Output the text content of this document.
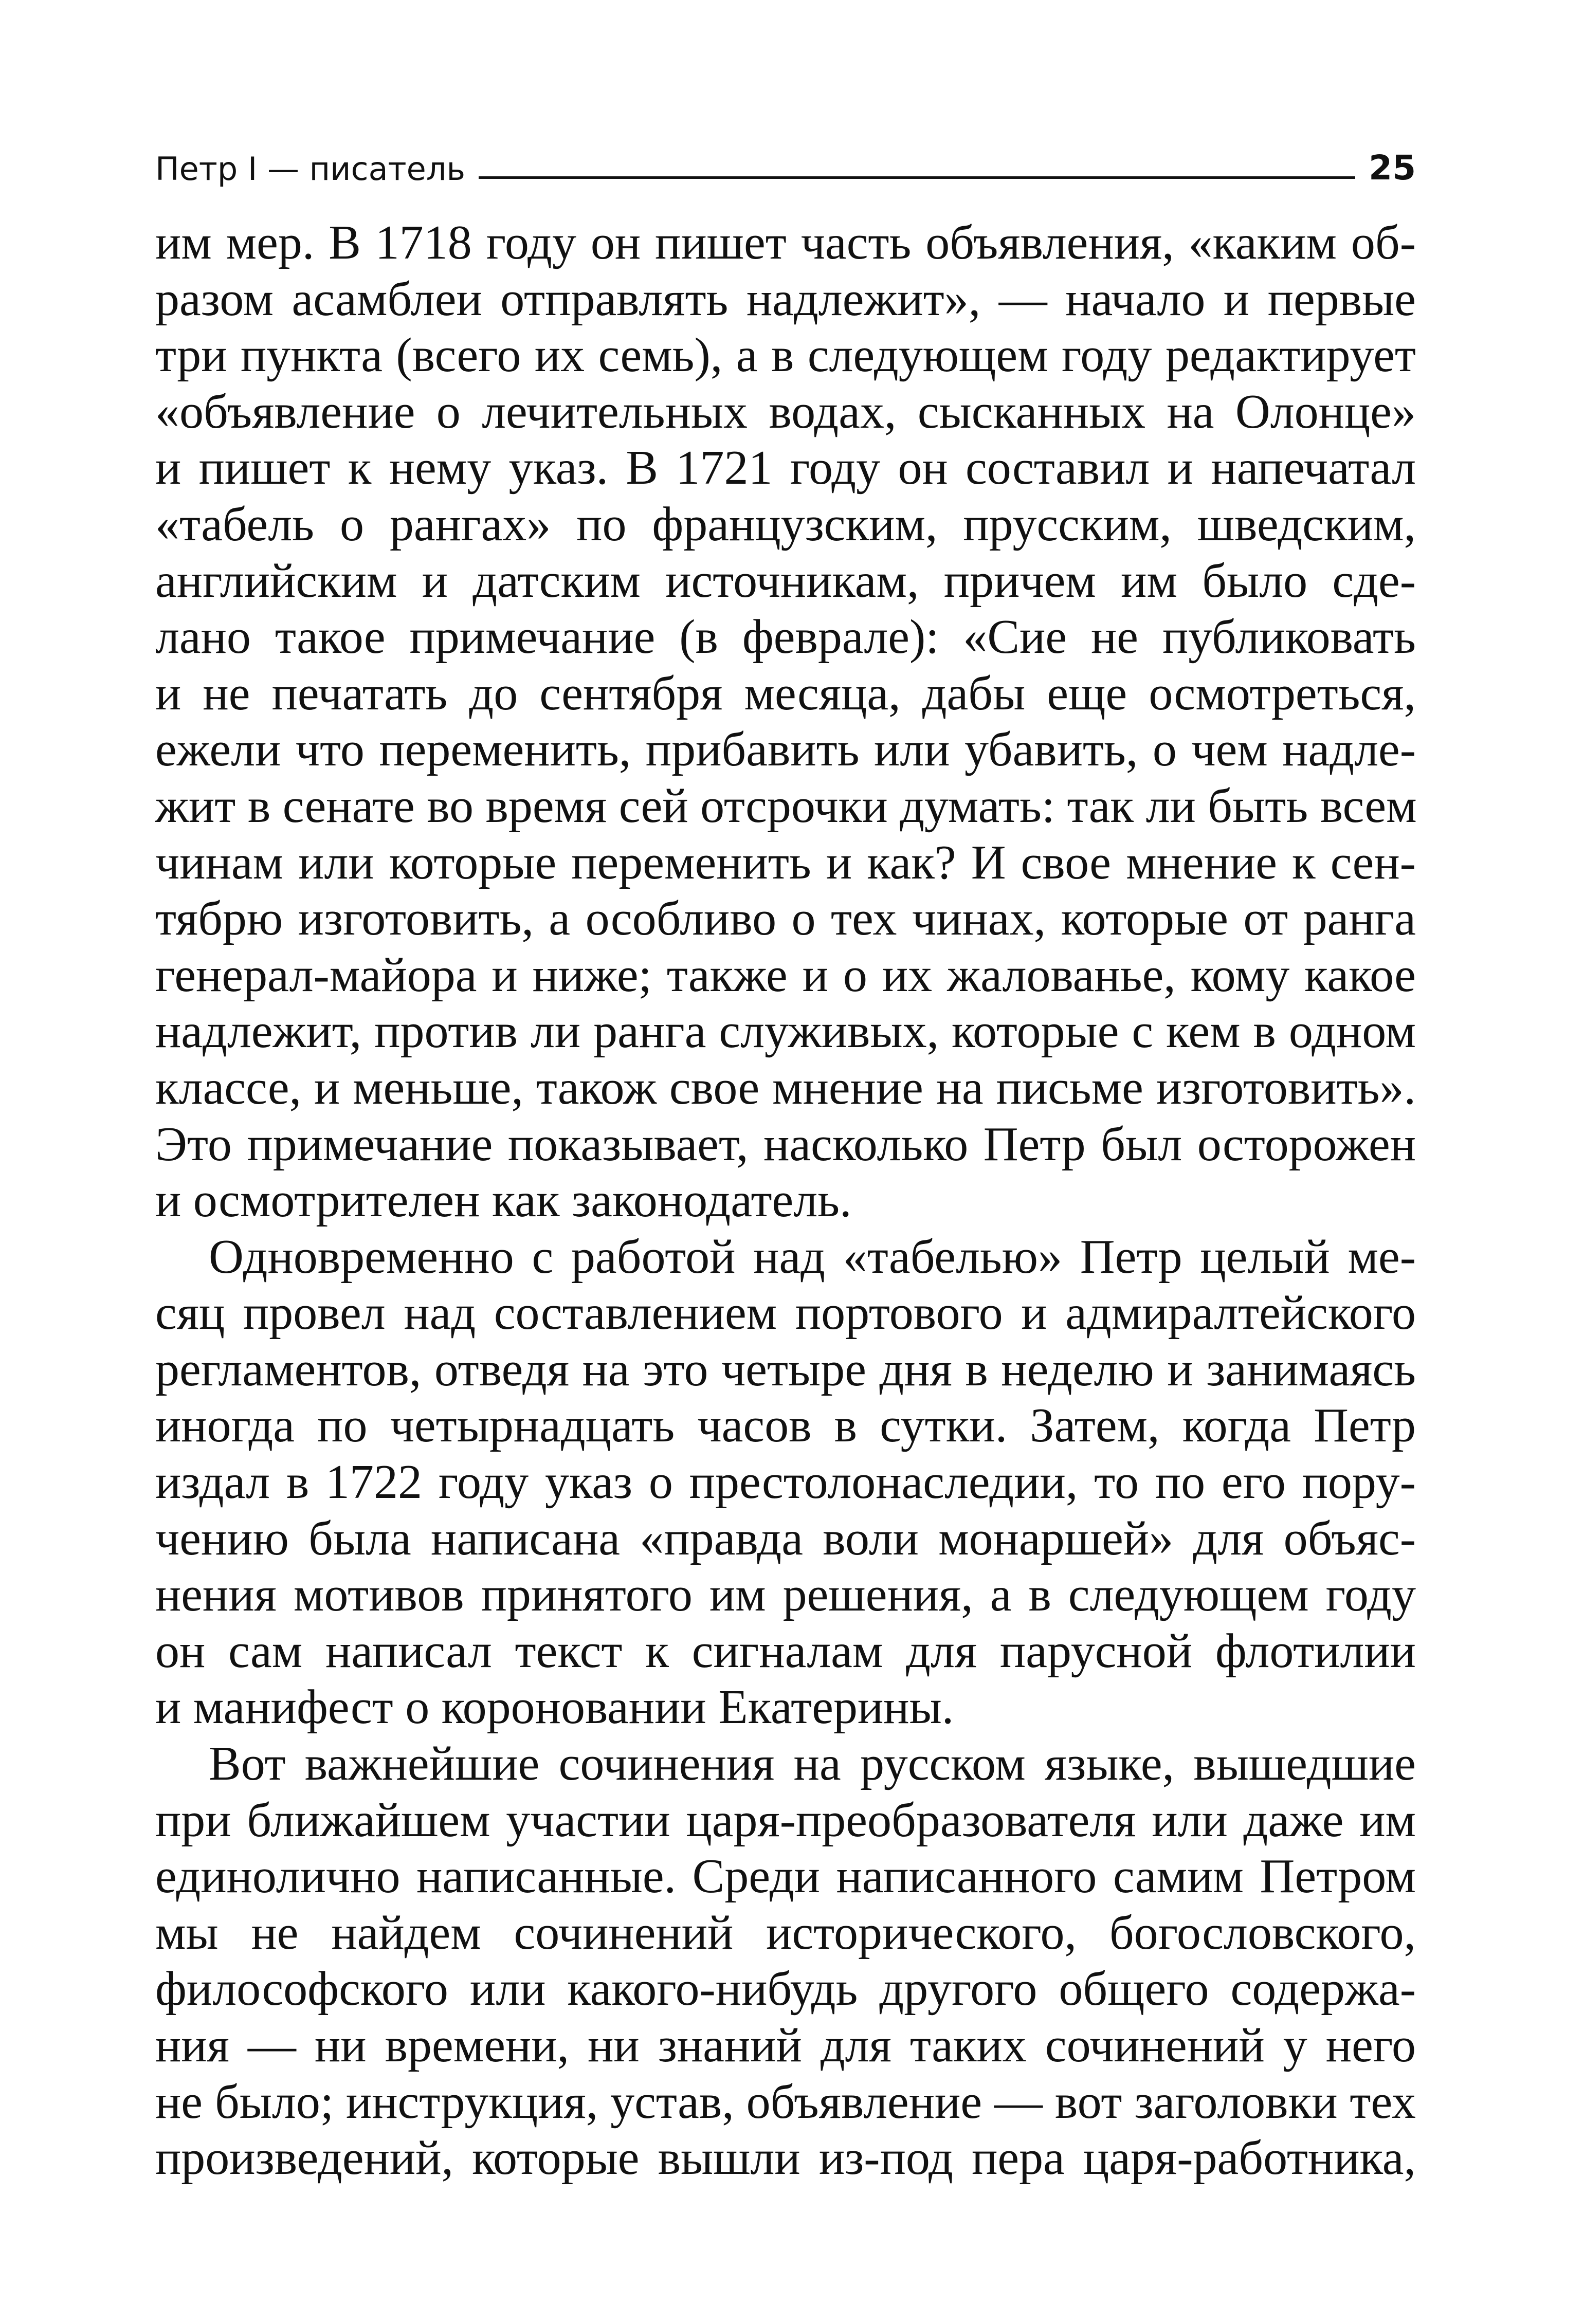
Петр I — писатель	25

им мер. В 1718 году он пишет часть объявления, «каким об-
разом асамблеи отправлять надлежит», — начало и первые
три пункта (всего их семь), а в следующем году редактирует
«объявление о лечительных водах, сысканных на Олонце»
и пишет к нему указ. В 1721 году он составил и напечатал
«табель о рангах» по французским, прусским, шведским,
английским и датским источникам, причем им было сде-
лано такое примечание (в феврале): «Сие не публиковать
и не печатать до сентября месяца, дабы еще осмотреться,
ежели что переменить, прибавить или убавить, о чем надле-
жит в сенате во время сей отсрочки думать: так ли быть всем
чинам или которые переменить и как? И свое мнение к сен-
тябрю изготовить, а особливо о тех чинах, которые от ранга
генерал-майора и ниже; также и о их жалованье, кому какое
надлежит, против ли ранга служивых, которые с кем в одном
классе, и меньше, також свое мнение на письме изготовить».
Это примечание показывает, насколько Петр был осторожен
и осмотрителен как законодатель.

Одновременно с работой над «табелью» Петр целый ме-
сяц провел над составлением портового и адмиралтейского
регламентов, отведя на это четыре дня в неделю и занимаясь
иногда по четырнадцать часов в сутки. Затем, когда Петр
издал в 1722 году указ о престолонаследии, то по его пору-
чению была написана «правда воли монаршей» для объяс-
нения мотивов принятого им решения, а в следующем году
он сам написал текст к сигналам для парусной флотилии
и манифест о короновании Екатерины.

Вот важнейшие сочинения на русском языке, вышедшие
при ближайшем участии царя-преобразователя или даже им
единолично написанные. Среди написанного самим Петром
мы не найдем сочинений исторического, богословского,
философского или какого-нибудь другого общего содержа-
ния — ни времени, ни знаний для таких сочинений у него
не было; инструкция, устав, объявление — вот заголовки тех
произведений, которые вышли из-под пера царя-работника,
